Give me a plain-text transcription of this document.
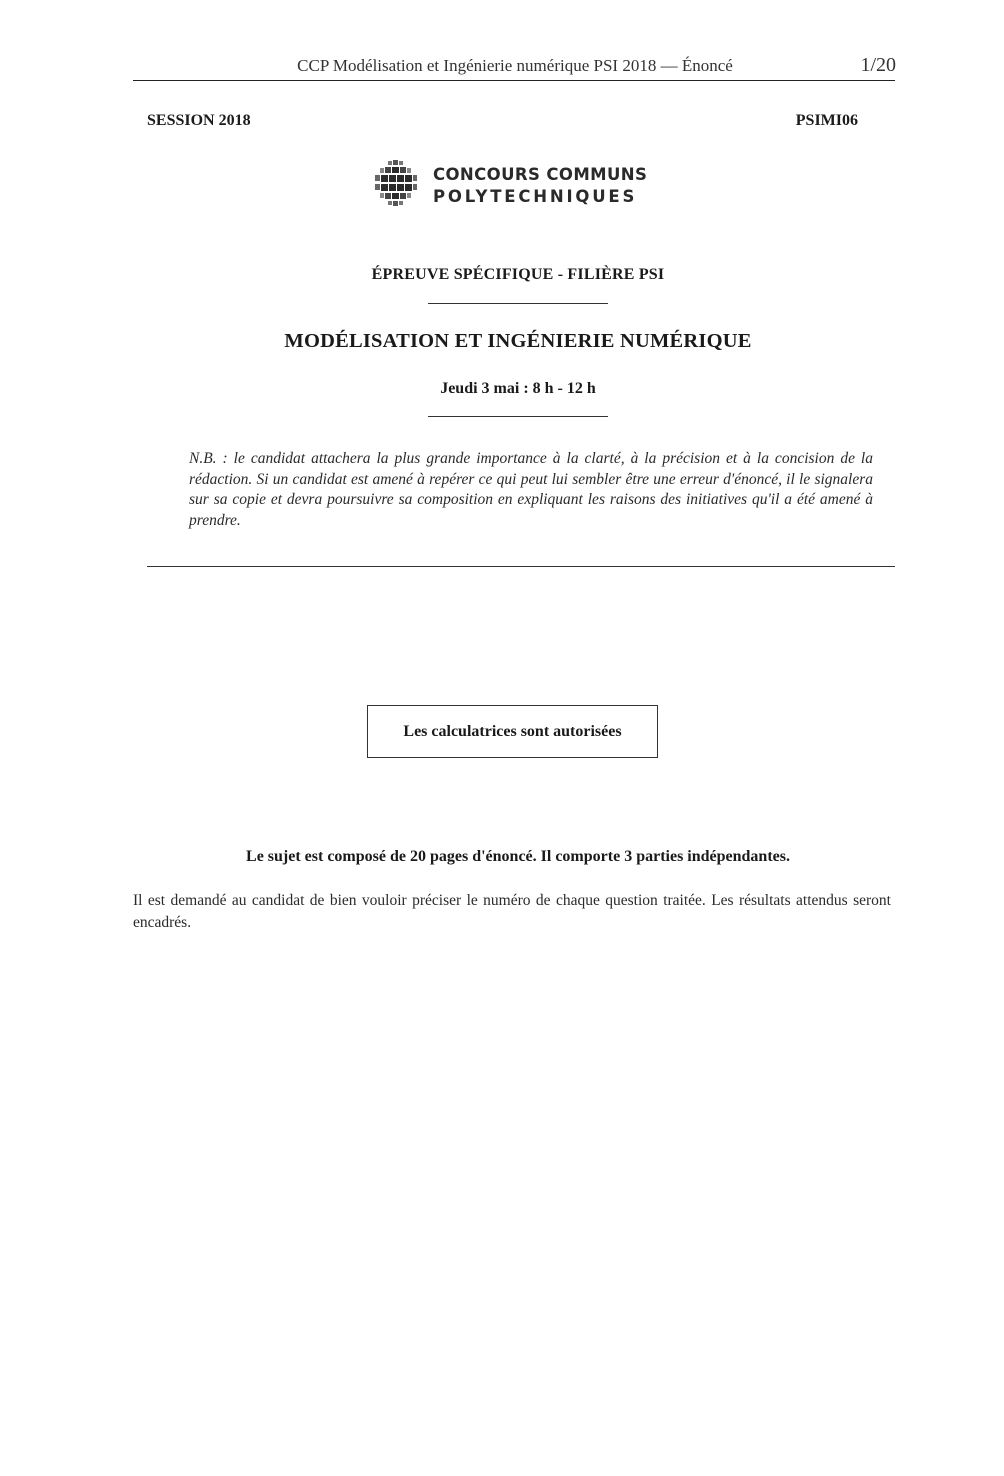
CCP Modélisation et Ingénierie numérique PSI 2018 — Énoncé	1/20
SESSION 2018	PSIMI06
CONCOURS COMMUNS
POLYTECHNIQUES
ÉPREUVE SPÉCIFIQUE - FILIÈRE PSI
MODÉLISATION ET INGÉNIERIE NUMÉRIQUE
Jeudi 3 mai : 8 h - 12 h
N.B. : le candidat attachera la plus grande importance à la clarté, à la précision et à la concision de la rédaction. Si un candidat est amené à repérer ce qui peut lui sembler être une erreur d'énoncé, il le signalera sur sa copie et devra poursuivre sa composition en expliquant les raisons des initiatives qu'il a été amené à prendre.
Les calculatrices sont autorisées
Le sujet est composé de 20 pages d'énoncé. Il comporte 3 parties indépendantes.
Il est demandé au candidat de bien vouloir préciser le numéro de chaque question traitée. Les résultats attendus seront encadrés.
